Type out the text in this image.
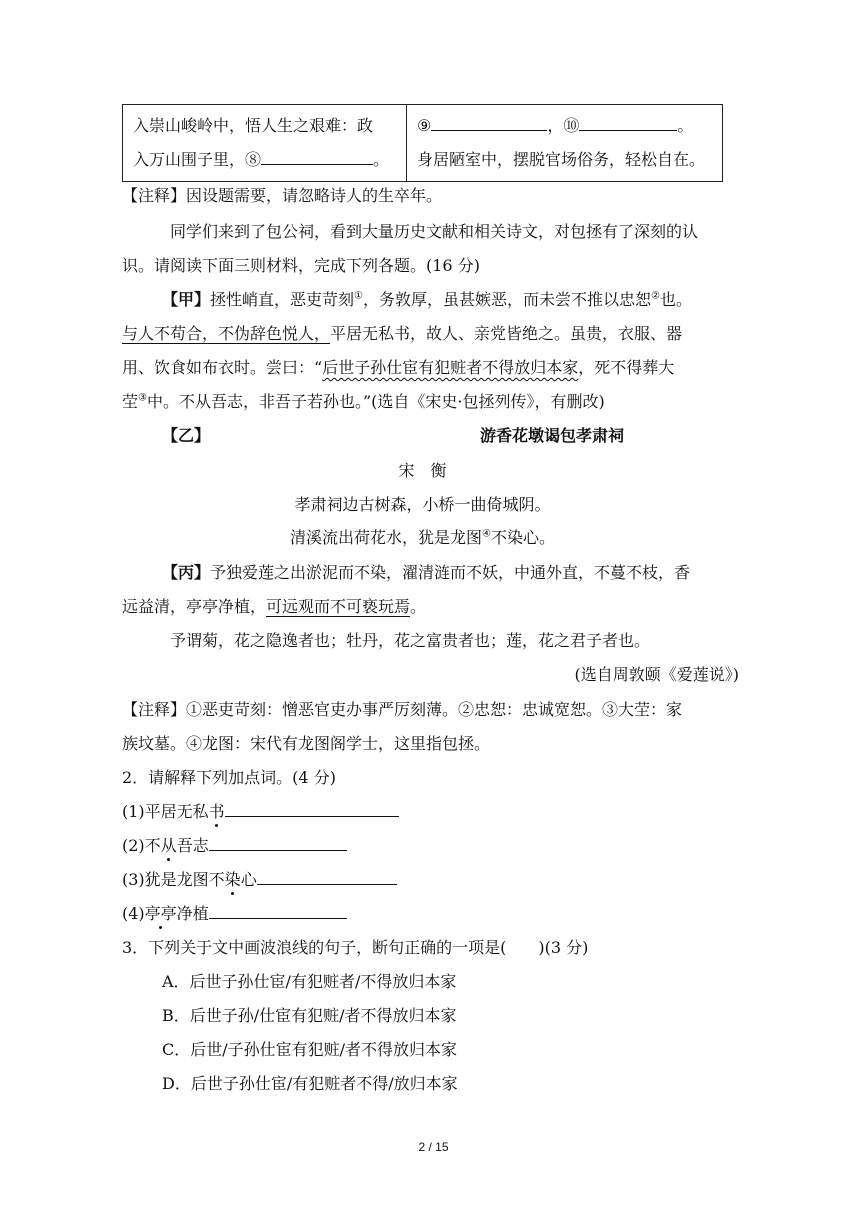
入崇山峻岭中，悟人生之艰难：政
入万山围子里，⑧	。

⑨	，⑩	。
身居陋室中，摆脱官场俗务，轻松自在。
【注释】因设题需要，请忽略诗人的生卒年。
同学们来到了包公祠，看到大量历史文献和相关诗文，对包拯有了深刻的认
识。请阅读下面三则材料，完成下列各题。(16 分)
【甲】拯性峭直，恶吏苛刻①，务敦厚，虽甚嫉恶，而未尝不推以忠恕②也。
与人不苟合，不伪辞色悦人，平居无私书，故人、亲党皆绝之。虽贵，衣服、器
用、饮食如布衣时。尝曰：“后世子孙仕宦有犯赃者不得放归本家，死不得葬大
茔③中。不从吾志，非吾子若孙也。”(选自《宋史·包拯列传》，有删改)
【乙】	游香花墩谒包孝肃祠
宋　衡
孝肃祠边古树森，小桥一曲倚城阴。
清溪流出荷花水，犹是龙图④不染心。
【丙】予独爱莲之出淤泥而不染，濯清涟而不妖，中通外直，不蔓不枝，香
远益清，亭亭净植，可远观而不可亵玩焉。
予谓菊，花之隐逸者也；牡丹，花之富贵者也；莲，花之君子者也。
(选自周敦颐《爱莲说》)
【注释】①恶吏苛刻：憎恶官吏办事严厉刻薄。②忠恕：忠诚宽恕。③大茔：家
族坟墓。④龙图：宋代有龙图阁学士，这里指包拯。
2．请解释下列加点词。(4 分)
(1)平居无私书
(2)不从吾志
(3)犹是龙图不染心
(4)亭亭净植
3．下列关于文中画波浪线的句子，断句正确的一项是(　　)(3 分)
A．后世子孙仕宦/有犯赃者/不得放归本家
B．后世子孙/仕宦有犯赃/者不得放归本家
C．后世/子孙仕宦有犯赃/者不得放归本家
D．后世子孙仕宦/有犯赃者不得/放归本家
2 / 15
